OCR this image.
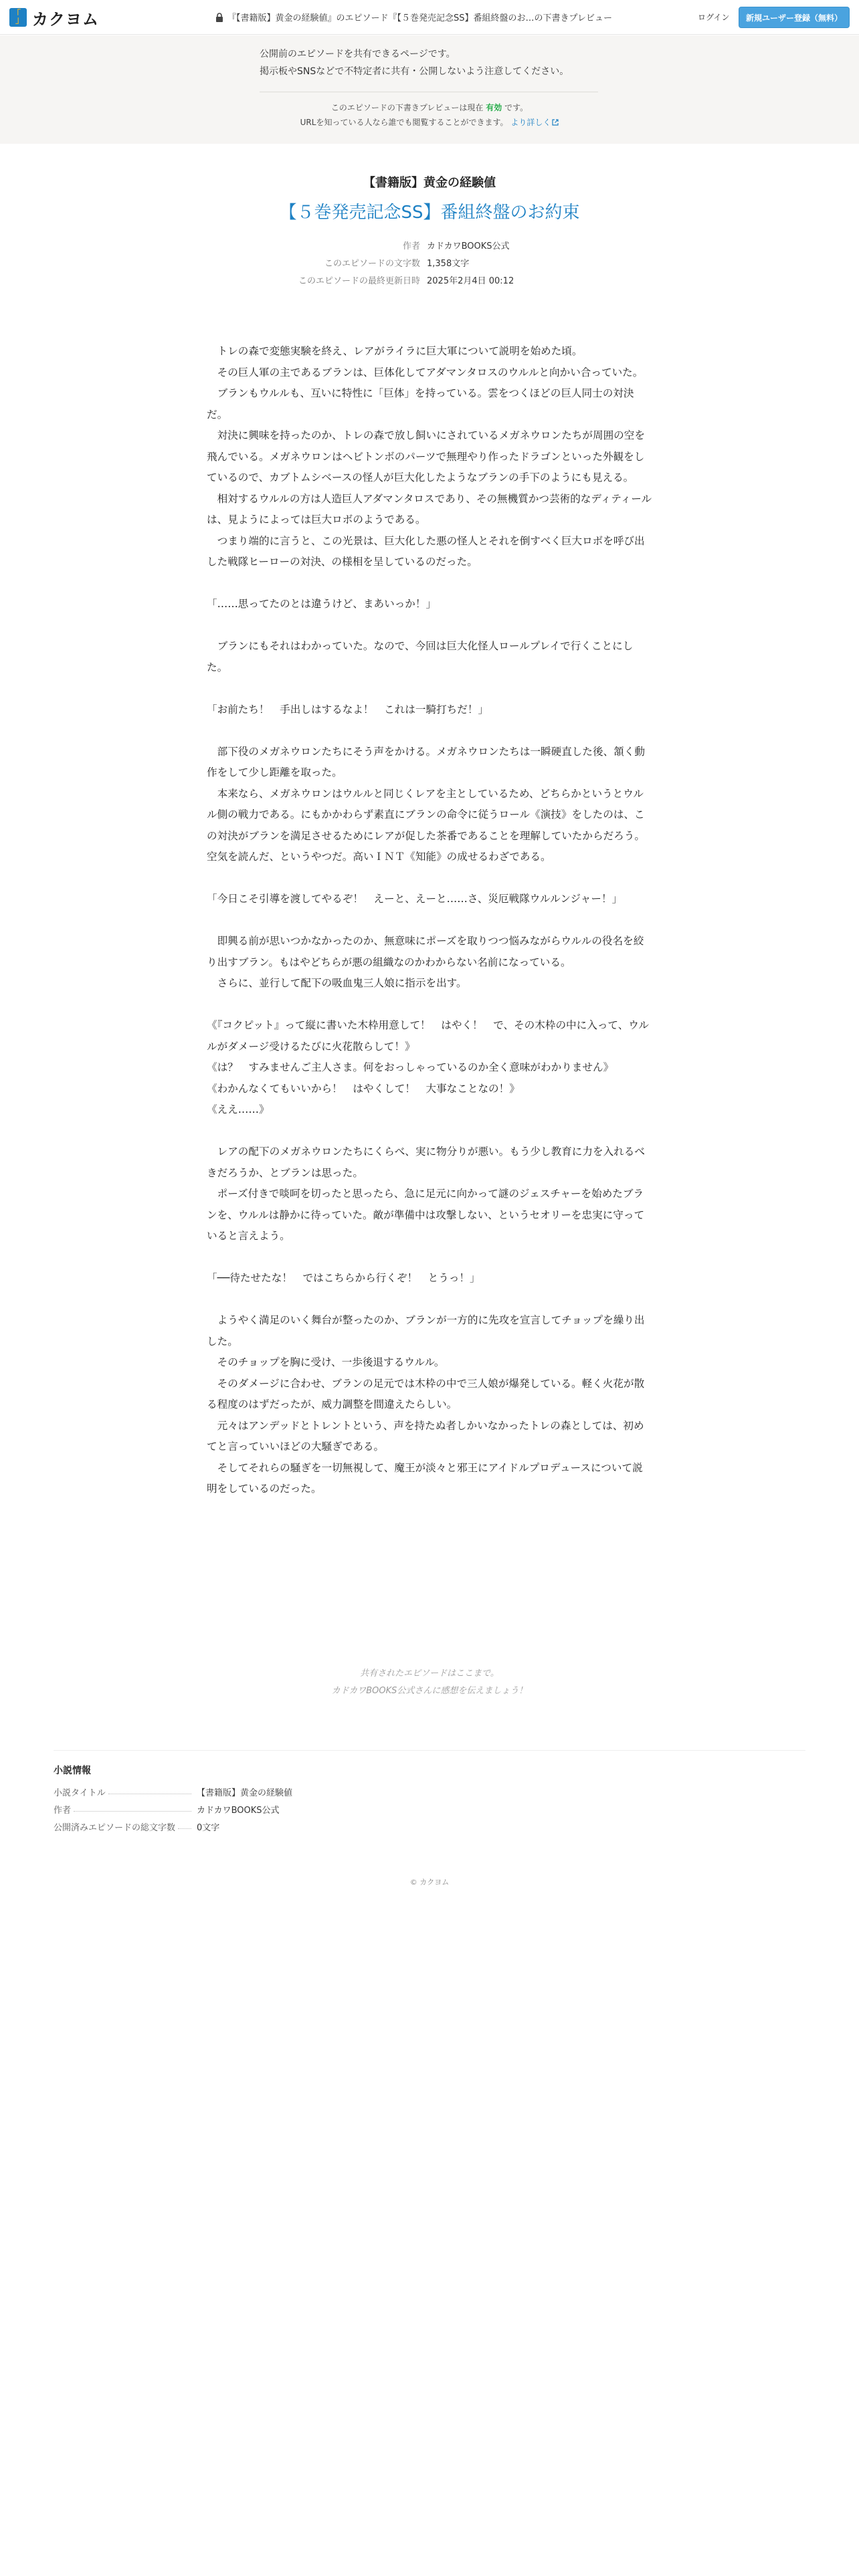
「
」 カクヨム	『【書籍版】黄金の経験値』のエピソード『【５巻発売記念SS】番組終盤のお…の下書きプレビュー	ログイン	新規ユーザー登録（無料）
公開前のエピソードを共有できるページです。
掲示板やSNSなどで不特定者に共有・公開しないよう注意してください。
このエピソードの下書きプレビューは現在 有効 です。
URLを知っている人なら誰でも閲覧することができます。 より詳しく
【書籍版】黄金の経験値
【５巻発売記念SS】番組終盤のお約束
作者 カドカワBOOKS公式
このエピソードの文字数 1,358文字
このエピソードの最終更新日時 2025年2月4日 00:12

　トレの森で変態実験を終え、レアがライラに巨大軍について説明を始めた頃。

　その巨人軍の主であるブランは、巨体化してアダマンタロスのウルルと向かい合っていた。

　ブランもウルルも、互いに特性に「巨体」を持っている。雲をつくほどの巨人同士の対決だ。

　対決に興味を持ったのか、トレの森で放し飼いにされているメガネウロンたちが周囲の空を飛んでいる。メガネウロンはヘビトンボのパーツで無理やり作ったドラゴンといった外観をしているので、カブトムシベースの怪人が巨大化したようなブランの手下のようにも見える。

　相対するウルルの方は人造巨人アダマンタロスであり、その無機質かつ芸術的なディティールは、見ようによっては巨大ロボのようである。

　つまり端的に言うと、この光景は、巨大化した悪の怪人とそれを倒すべく巨大ロボを呼び出した戦隊ヒーローの対決、の様相を呈しているのだった。

「……思ってたのとは違うけど、まあいっか！」

　ブランにもそれはわかっていた。なので、今回は巨大化怪人ロールプレイで行くことにした。

「お前たち！　手出しはするなよ！　これは一騎打ちだ！」

　部下役のメガネウロンたちにそう声をかける。メガネウロンたちは一瞬硬直した後、頷く動作をして少し距離を取った。

　本来なら、メガネウロンはウルルと同じくレアを主としているため、どちらかというとウルル側の戦力である。にもかかわらず素直にブランの命令に従うロール《演技》をしたのは、この対決がブランを満足させるためにレアが促した茶番であることを理解していたからだろう。空気を読んだ、というやつだ。高いＩＮＴ《知能》の成せるわざである。

「今日こそ引導を渡してやるぞ！　えーと、えーと……さ、災厄戦隊ウルルンジャー！」

　即興る前が思いつかなかったのか、無意味にポーズを取りつつ悩みながらウルルの役名を絞り出すブラン。もはやどちらが悪の組織なのかわからない名前になっている。

　さらに、並行して配下の吸血鬼三人娘に指示を出す。

《『コクピット』って縦に書いた木枠用意して！　はやく！　で、その木枠の中に入って、ウルルがダメージ受けるたびに火花散らして！》

《は？　すみませんご主人さま。何をおっしゃっているのか全く意味がわかりません》

《わかんなくてもいいから！　はやくして！　大事なことなの！》

《ええ……》

　レアの配下のメガネウロンたちにくらべ、実に物分りが悪い。もう少し教育に力を入れるべきだろうか、とブランは思った。

　ポーズ付きで啖呵を切ったと思ったら、急に足元に向かって謎のジェスチャーを始めたブランを、ウルルは静かに待っていた。敵が準備中は攻撃しない、というセオリーを忠実に守っていると言えよう。

「──待たせたな！　ではこちらから行くぞ！　とうっ！」

　ようやく満足のいく舞台が整ったのか、ブランが一方的に先攻を宣言してチョップを繰り出した。

　そのチョップを胸に受け、一歩後退するウルル。

　そのダメージに合わせ、ブランの足元では木枠の中で三人娘が爆発している。軽く火花が散る程度のはずだったが、威力調整を間違えたらしい。

　元々はアンデッドとトレントという、声を持たぬ者しかいなかったトレの森としては、初めてと言っていいほどの大騒ぎである。

　そしてそれらの騒ぎを一切無視して、魔王が淡々と邪王にアイドルプロデュースについて説明をしているのだった。

共有されたエピソードはここまで。
カドカワBOOKS公式さんに感想を伝えましょう！
小説情報
小説タイトル	【書籍版】黄金の経験値
作者	カドカワBOOKS公式
公開済みエピソードの総文字数	0文字
© カクヨム
